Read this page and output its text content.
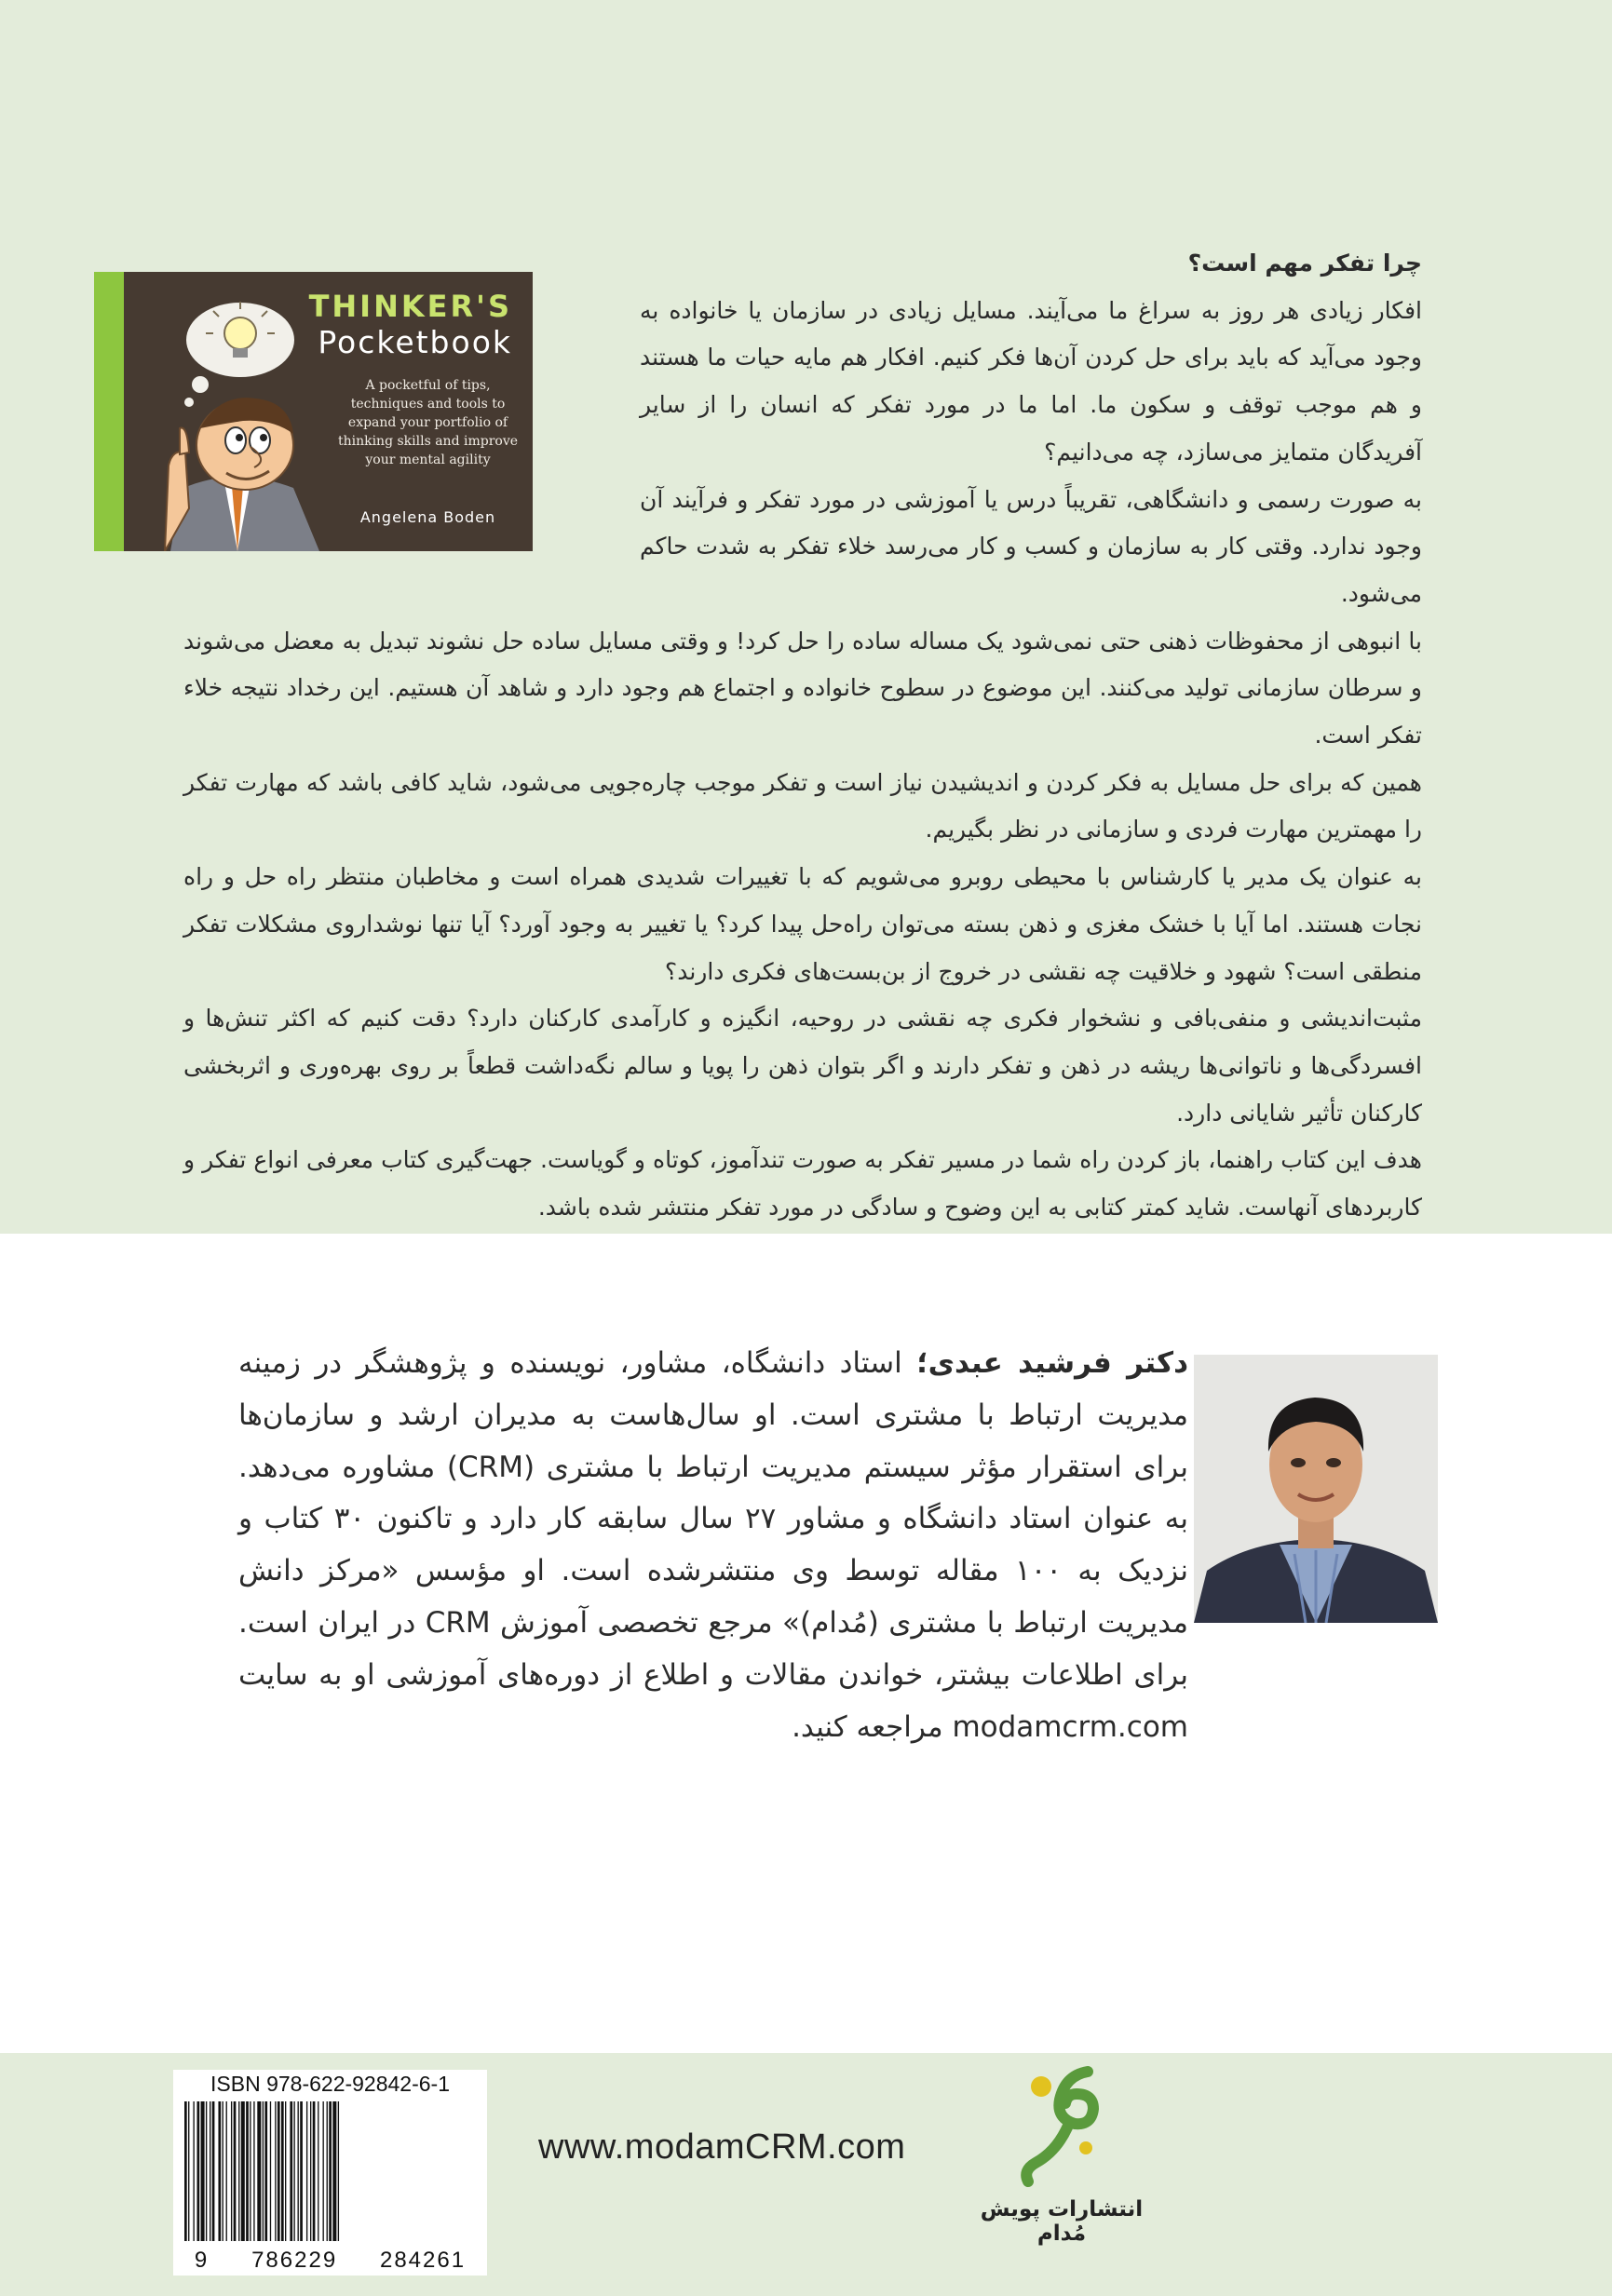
THINKER'S
Pocketbook
A pocketful of tips, techniques and tools to expand your portfolio of thinking skills and improve your mental agility
Angelena Boden

چرا تفکر مهم است؟

افکار زیادی هر روز به سراغ ما می‌آیند. مسایل زیادی در سازمان یا خانواده به وجود می‌آید که باید برای حل کردن آن‌ها فکر کنیم. افکار هم مایه حیات ما هستند و هم موجب توقف و سکون ما. اما ما در مورد تفکر که انسان را از سایر آفریدگان متمایز می‌سازد، چه می‌دانیم؟

به صورت رسمی و دانشگاهی، تقریباً درس یا آموزشی در مورد تفکر و فرآیند آن وجود ندارد. وقتی کار به سازمان و کسب و کار می‌رسد خلاء تفکر به شدت حاکم می‌شود.

با انبوهی از محفوظات ذهنی حتی نمی‌شود یک مساله ساده را حل کرد! و وقتی مسایل ساده حل نشوند تبدیل به معضل می‌شوند و سرطان سازمانی تولید می‌کنند. این موضوع در سطوح خانواده و اجتماع هم وجود دارد و شاهد آن هستیم. این رخداد نتیجه خلاء تفکر است.

همین که برای حل مسایل به فکر کردن و اندیشیدن نیاز است و تفکر موجب چاره‌جویی می‌شود، شاید کافی باشد که مهارت تفکر را مهمترین مهارت فردی و سازمانی در نظر بگیریم.

به عنوان یک مدیر یا کارشناس با محیطی روبرو می‌شویم که با تغییرات شدیدی همراه است و مخاطبان منتظر راه حل و راه نجات هستند. اما آیا با خشک مغزی و ذهن بسته می‌توان راه‌حل پیدا کرد؟ یا تغییر به وجود آورد؟ آیا تنها نوشداروی مشکلات تفکر منطقی است؟ شهود و خلاقیت چه نقشی در خروج از بن‌بست‌های فکری دارند؟

مثبت‌اندیشی و منفی‌بافی و نشخوار فکری چه نقشی در روحیه، انگیزه و کارآمدی کارکنان دارد؟ دقت کنیم که اکثر تنش‌ها و افسردگی‌ها و ناتوانی‌ها ریشه در ذهن و تفکر دارند و اگر بتوان ذهن را پویا و سالم نگه‌داشت قطعاً بر روی بهره‌وری و اثربخشی کارکنان تأثیر شایانی دارد.

هدف این کتاب راهنما، باز کردن راه شما در مسیر تفکر به صورت تندآموز، کوتاه و گویاست. جهت‌گیری کتاب معرفی انواع تفکر و کاربردهای آنهاست. شاید کمتر کتابی به این وضوح و سادگی در مورد تفکر منتشر شده باشد.

دکتر فرشید عبدی؛ استاد دانشگاه، مشاور، نویسنده و پژوهشگر در زمینه مدیریت ارتباط با مشتری است. او سال‌هاست به مدیران ارشد و سازمان‌ها برای استقرار مؤثر سیستم مدیریت ارتباط با مشتری (CRM) مشاوره می‌دهد. به عنوان استاد دانشگاه و مشاور ۲۷ سال سابقه کار دارد و تاکنون ۳۰ کتاب و نزدیک به ۱۰۰ مقاله توسط وی منتشرشده است. او مؤسس «مرکز دانش مدیریت ارتباط با مشتری (مُدام)» مرجع تخصصی آموزش CRM در ایران است. برای اطلاعات بیشتر، خواندن مقالات و اطلاع از دوره‌های آموزشی او به سایت modamcrm.com مراجعه کنید.

ISBN 978-622-92842-6-1
9 786229 284261
www.modamCRM.com
انتشارات پویش مُدام
